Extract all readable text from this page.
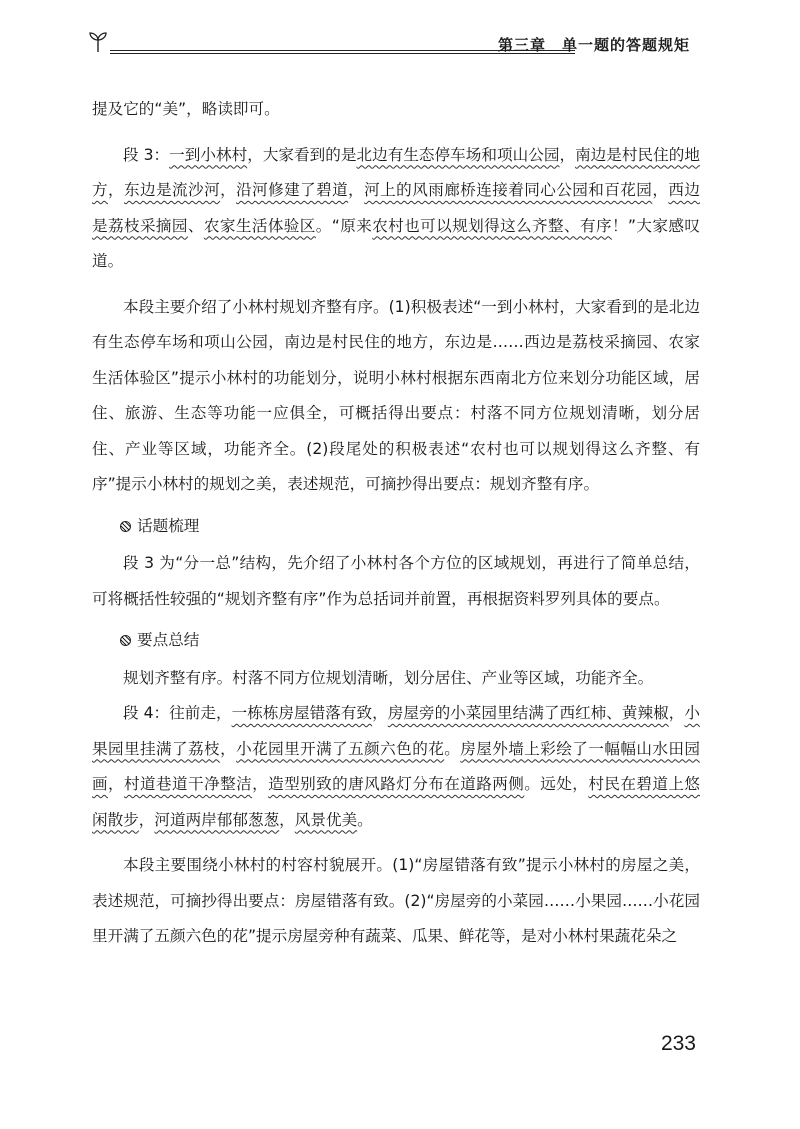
第三章 单一题的答题规矩

提及它的“美”，略读即可。

段 3：一到小林村，大家看到的是北边有生态停车场和项山公园，南边是村民住的地方，东边是流沙河，沿河修建了碧道，河上的风雨廊桥连接着同心公园和百花园，西边是荔枝采摘园、农家生活体验区。“原来农村也可以规划得这么齐整、有序！”大家感叹道。

本段主要介绍了小林村规划齐整有序。(1)积极表述“一到小林村，大家看到的是北边有生态停车场和项山公园，南边是村民住的地方，东边是……西边是荔枝采摘园、农家生活体验区”提示小林村的功能划分，说明小林村根据东西南北方位来划分功能区域，居住、旅游、生态等功能一应俱全，可概括得出要点：村落不同方位规划清晰，划分居住、产业等区域，功能齐全。(2)段尾处的积极表述“农村也可以规划得这么齐整、有序”提示小林村的规划之美，表述规范，可摘抄得出要点：规划齐整有序。

话题梳理

段 3 为“分一总”结构，先介绍了小林村各个方位的区域规划，再进行了简单总结，可将概括性较强的“规划齐整有序”作为总括词并前置，再根据资料罗列具体的要点。

要点总结

规划齐整有序。村落不同方位规划清晰，划分居住、产业等区域，功能齐全。

段 4：往前走，一栋栋房屋错落有致，房屋旁的小菜园里结满了西红柿、黄辣椒，小果园里挂满了荔枝，小花园里开满了五颜六色的花。房屋外墙上彩绘了一幅幅山水田园画，村道巷道干净整洁，造型别致的唐风路灯分布在道路两侧。远处，村民在碧道上悠闲散步，河道两岸郁郁葱葱，风景优美。

本段主要围绕小林村的村容村貌展开。(1)“房屋错落有致”提示小林村的房屋之美，表述规范，可摘抄得出要点：房屋错落有致。(2)“房屋旁的小菜园……小果园……小花园里开满了五颜六色的花”提示房屋旁种有蔬菜、瓜果、鲜花等，是对小林村果蔬花朵之

233
